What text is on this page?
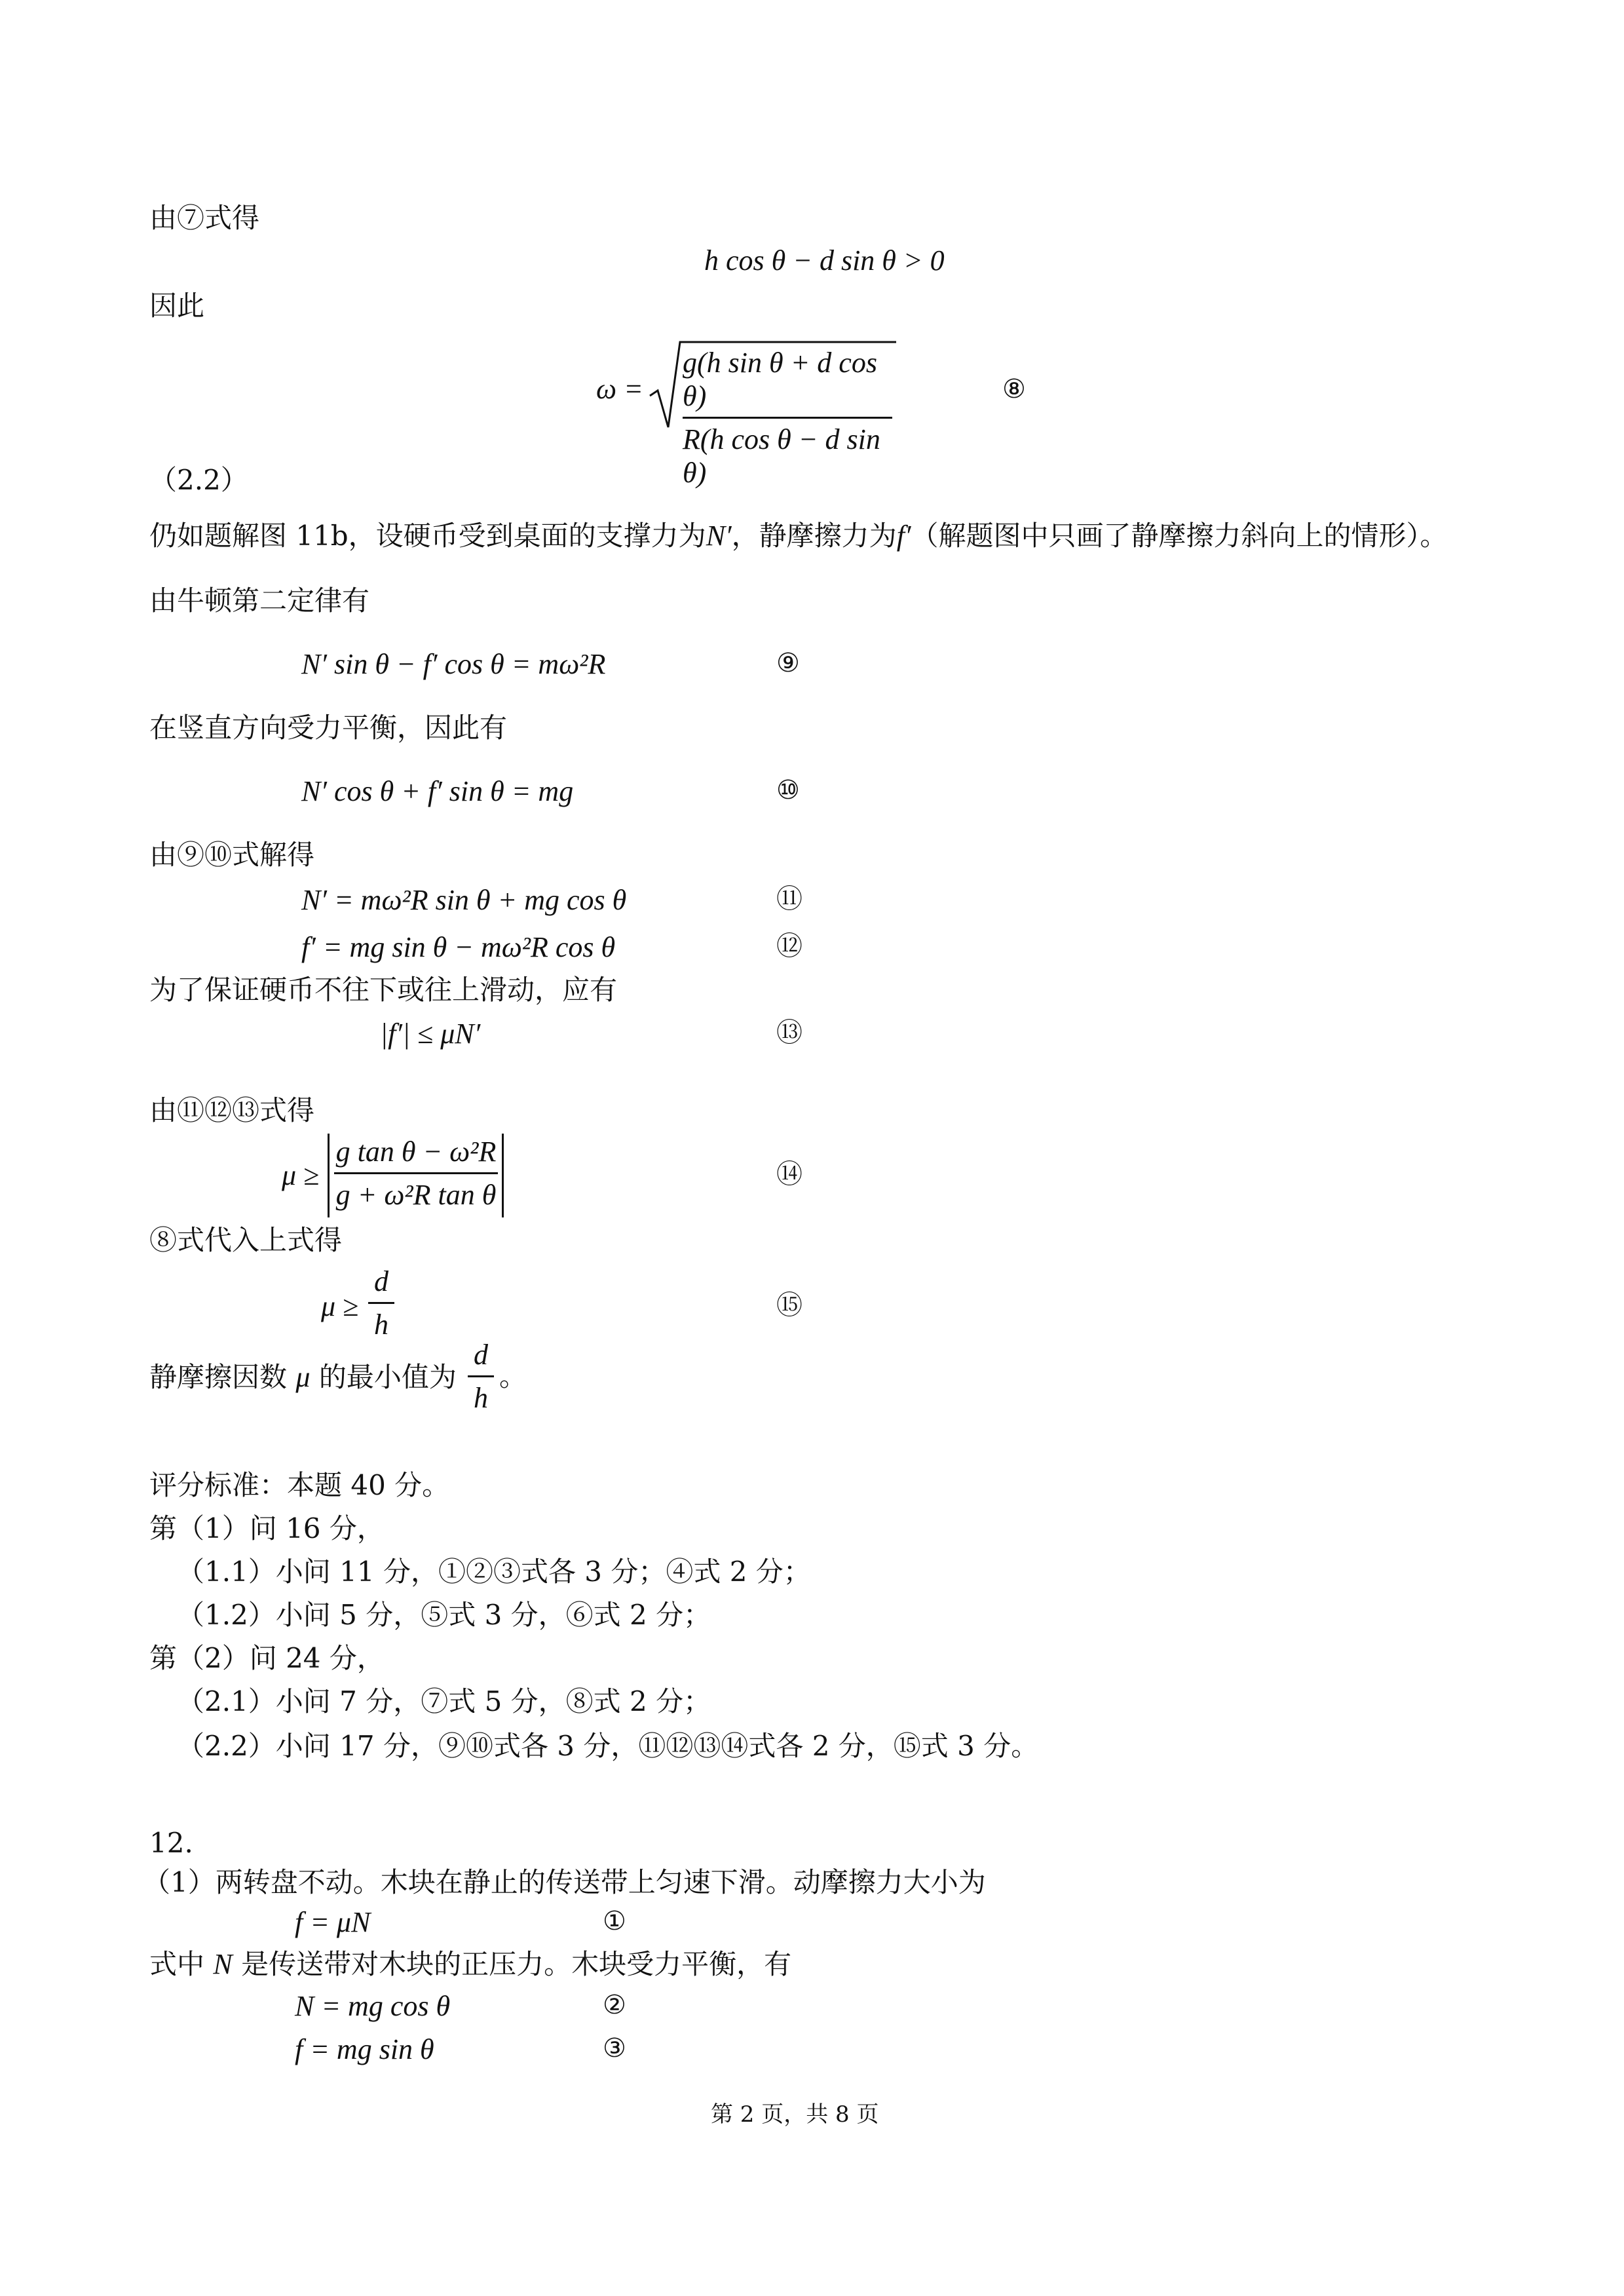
由⑦式得
h cos θ − d sin θ > 0
因此
ω =
g(h sin θ + d cos θ)
R(h cos θ − d sin θ)
⑧
（2.2）
仍如题解图 11b，设硬币受到桌面的支撑力为N′，静摩擦力为f′（解题图中只画了静摩擦力斜向上的情形）。
由牛顿第二定律有
N′ sin θ − f′ cos θ = mω²R	⑨
在竖直方向受力平衡，因此有
N′ cos θ + f′ sin θ = mg	⑩
由⑨⑩式解得
N′ = mω²R sin θ + mg cos θ	⑪
f′ = mg sin θ − mω²R cos θ	⑫
为了保证硬币不往下或往上滑动，应有
|f′| ≤ μN′	⑬
由⑪⑫⑬式得
μ ≥
g tan θ − ω²R
g + ω²R tan θ
⑭
⑧式代入上式得
μ ≥
d
h
⑮
静摩擦因数 μ 的最小值为
d
h
。
评分标准：本题 40 分。
第（1）问 16 分，
（1.1）小问 11 分，①②③式各 3 分；④式 2 分；
（1.2）小问 5 分，⑤式 3 分，⑥式 2 分；
第（2）问 24 分，
（2.1）小问 7 分，⑦式 5 分，⑧式 2 分；
（2.2）小问 17 分，⑨⑩式各 3 分，⑪⑫⑬⑭式各 2 分，⑮式 3 分。
12.
（1）两转盘不动。木块在静止的传送带上匀速下滑。动摩擦力大小为
f = μN	①
式中 N 是传送带对木块的正压力。木块受力平衡，有
N = mg cos θ	②
f = mg sin θ	③
第 2 页，共 8 页
